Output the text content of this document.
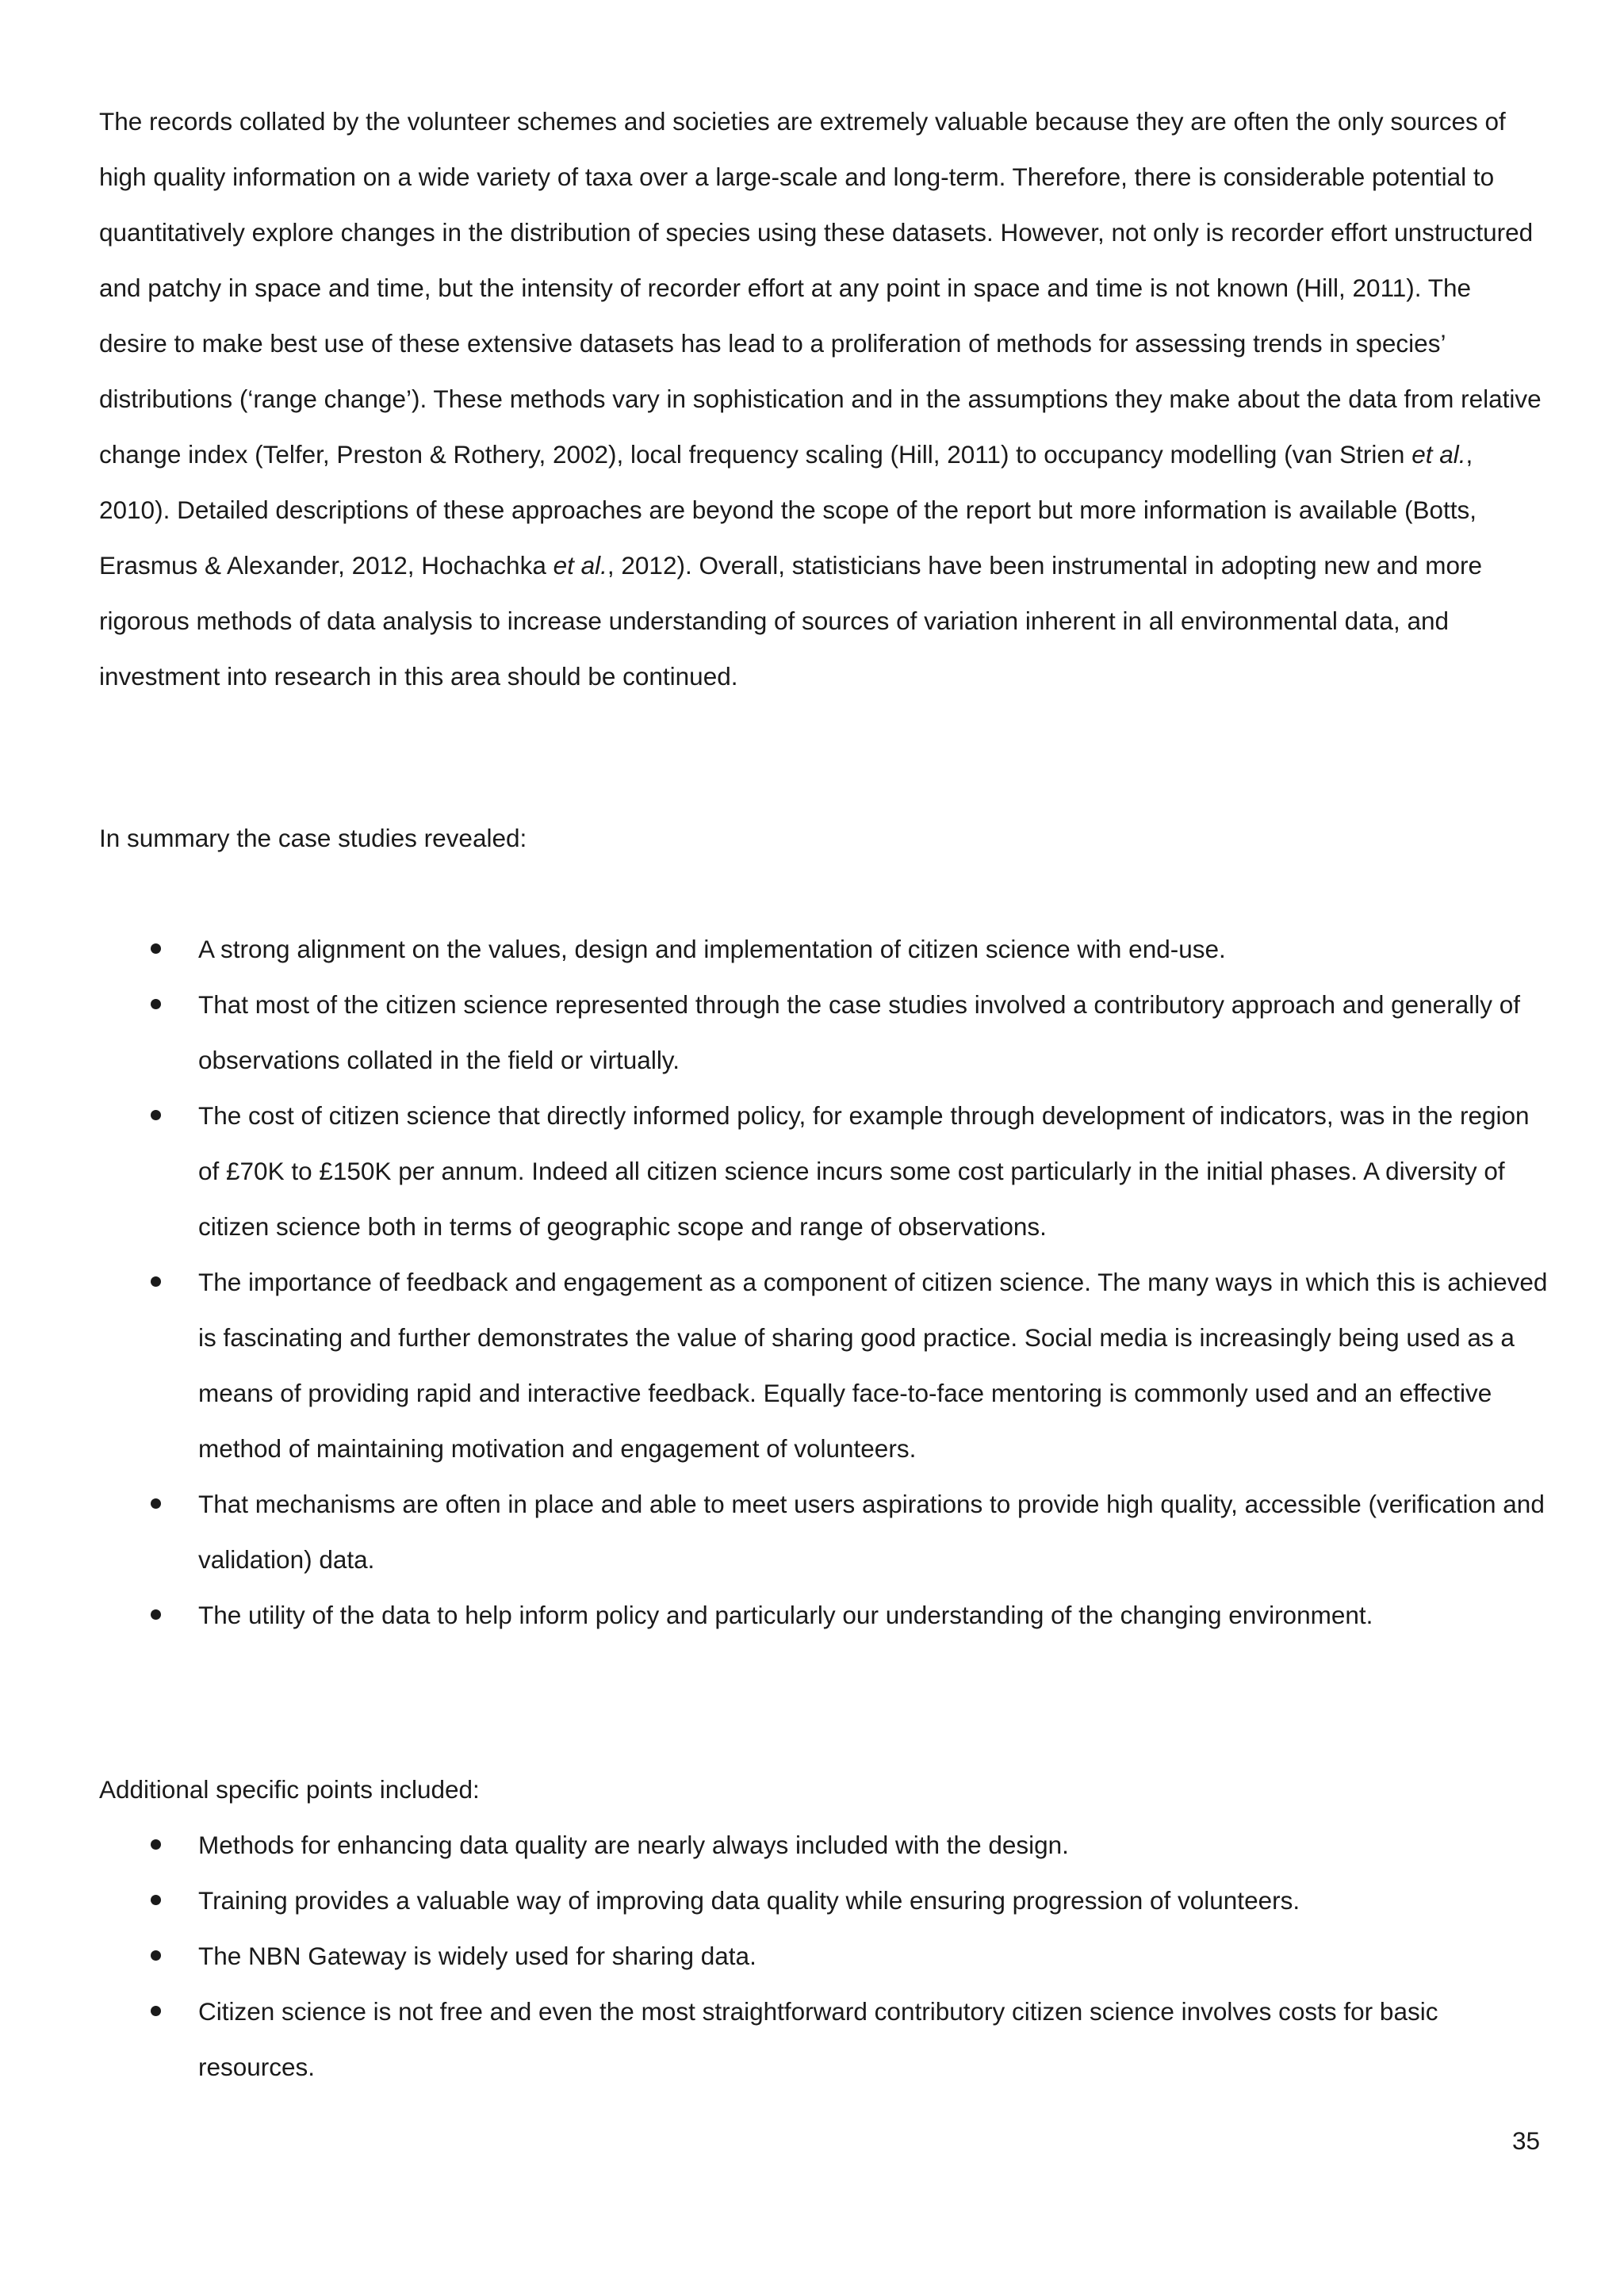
The records collated by the volunteer schemes and societies are extremely valuable because they are often the only sources of high quality information on a wide variety of taxa over a large-scale and long-term. Therefore, there is considerable potential to quantitatively explore changes in the distribution of species using these datasets. However, not only is recorder effort unstructured and patchy in space and time, but the intensity of recorder effort at any point in space and time is not known (Hill, 2011). The desire to make best use of these extensive datasets has lead to a proliferation of methods for assessing trends in species’ distributions (‘range change’). These methods vary in sophistication and in the assumptions they make about the data from relative change index (Telfer, Preston & Rothery, 2002), local frequency scaling (Hill, 2011) to occupancy modelling (van Strien et al., 2010). Detailed descriptions of these approaches are beyond the scope of the report but more information is available (Botts, Erasmus & Alexander, 2012, Hochachka et al., 2012). Overall, statisticians have been instrumental in adopting new and more rigorous methods of data analysis to increase understanding of sources of variation inherent in all environmental data, and investment into research in this area should be continued.

In summary the case studies revealed:

A strong alignment on the values, design and implementation of citizen science with end-use.
That most of the citizen science represented through the case studies involved a contributory approach and generally of observations collated in the field or virtually.
The cost of citizen science that directly informed policy, for example through development of indicators, was in the region of £70K to £150K per annum. Indeed all citizen science incurs some cost particularly in the initial phases. A diversity of citizen science both in terms of geographic scope and range of observations.
The importance of feedback and engagement as a component of citizen science. The many ways in which this is achieved is fascinating and further demonstrates the value of sharing good practice. Social media is increasingly being used as a means of providing rapid and interactive feedback. Equally face-to-face mentoring is commonly used and an effective method of maintaining motivation and engagement of volunteers.
That mechanisms are often in place and able to meet users aspirations to provide high quality, accessible (verification and validation) data.
The utility of the data to help inform policy and particularly our understanding of the changing environment.

Additional specific points included:

Methods for enhancing data quality are nearly always included with the design.
Training provides a valuable way of improving data quality while ensuring progression of volunteers.
The NBN Gateway is widely used for sharing data.
Citizen science is not free and even the most straightforward contributory citizen science involves costs for basic resources.
35
